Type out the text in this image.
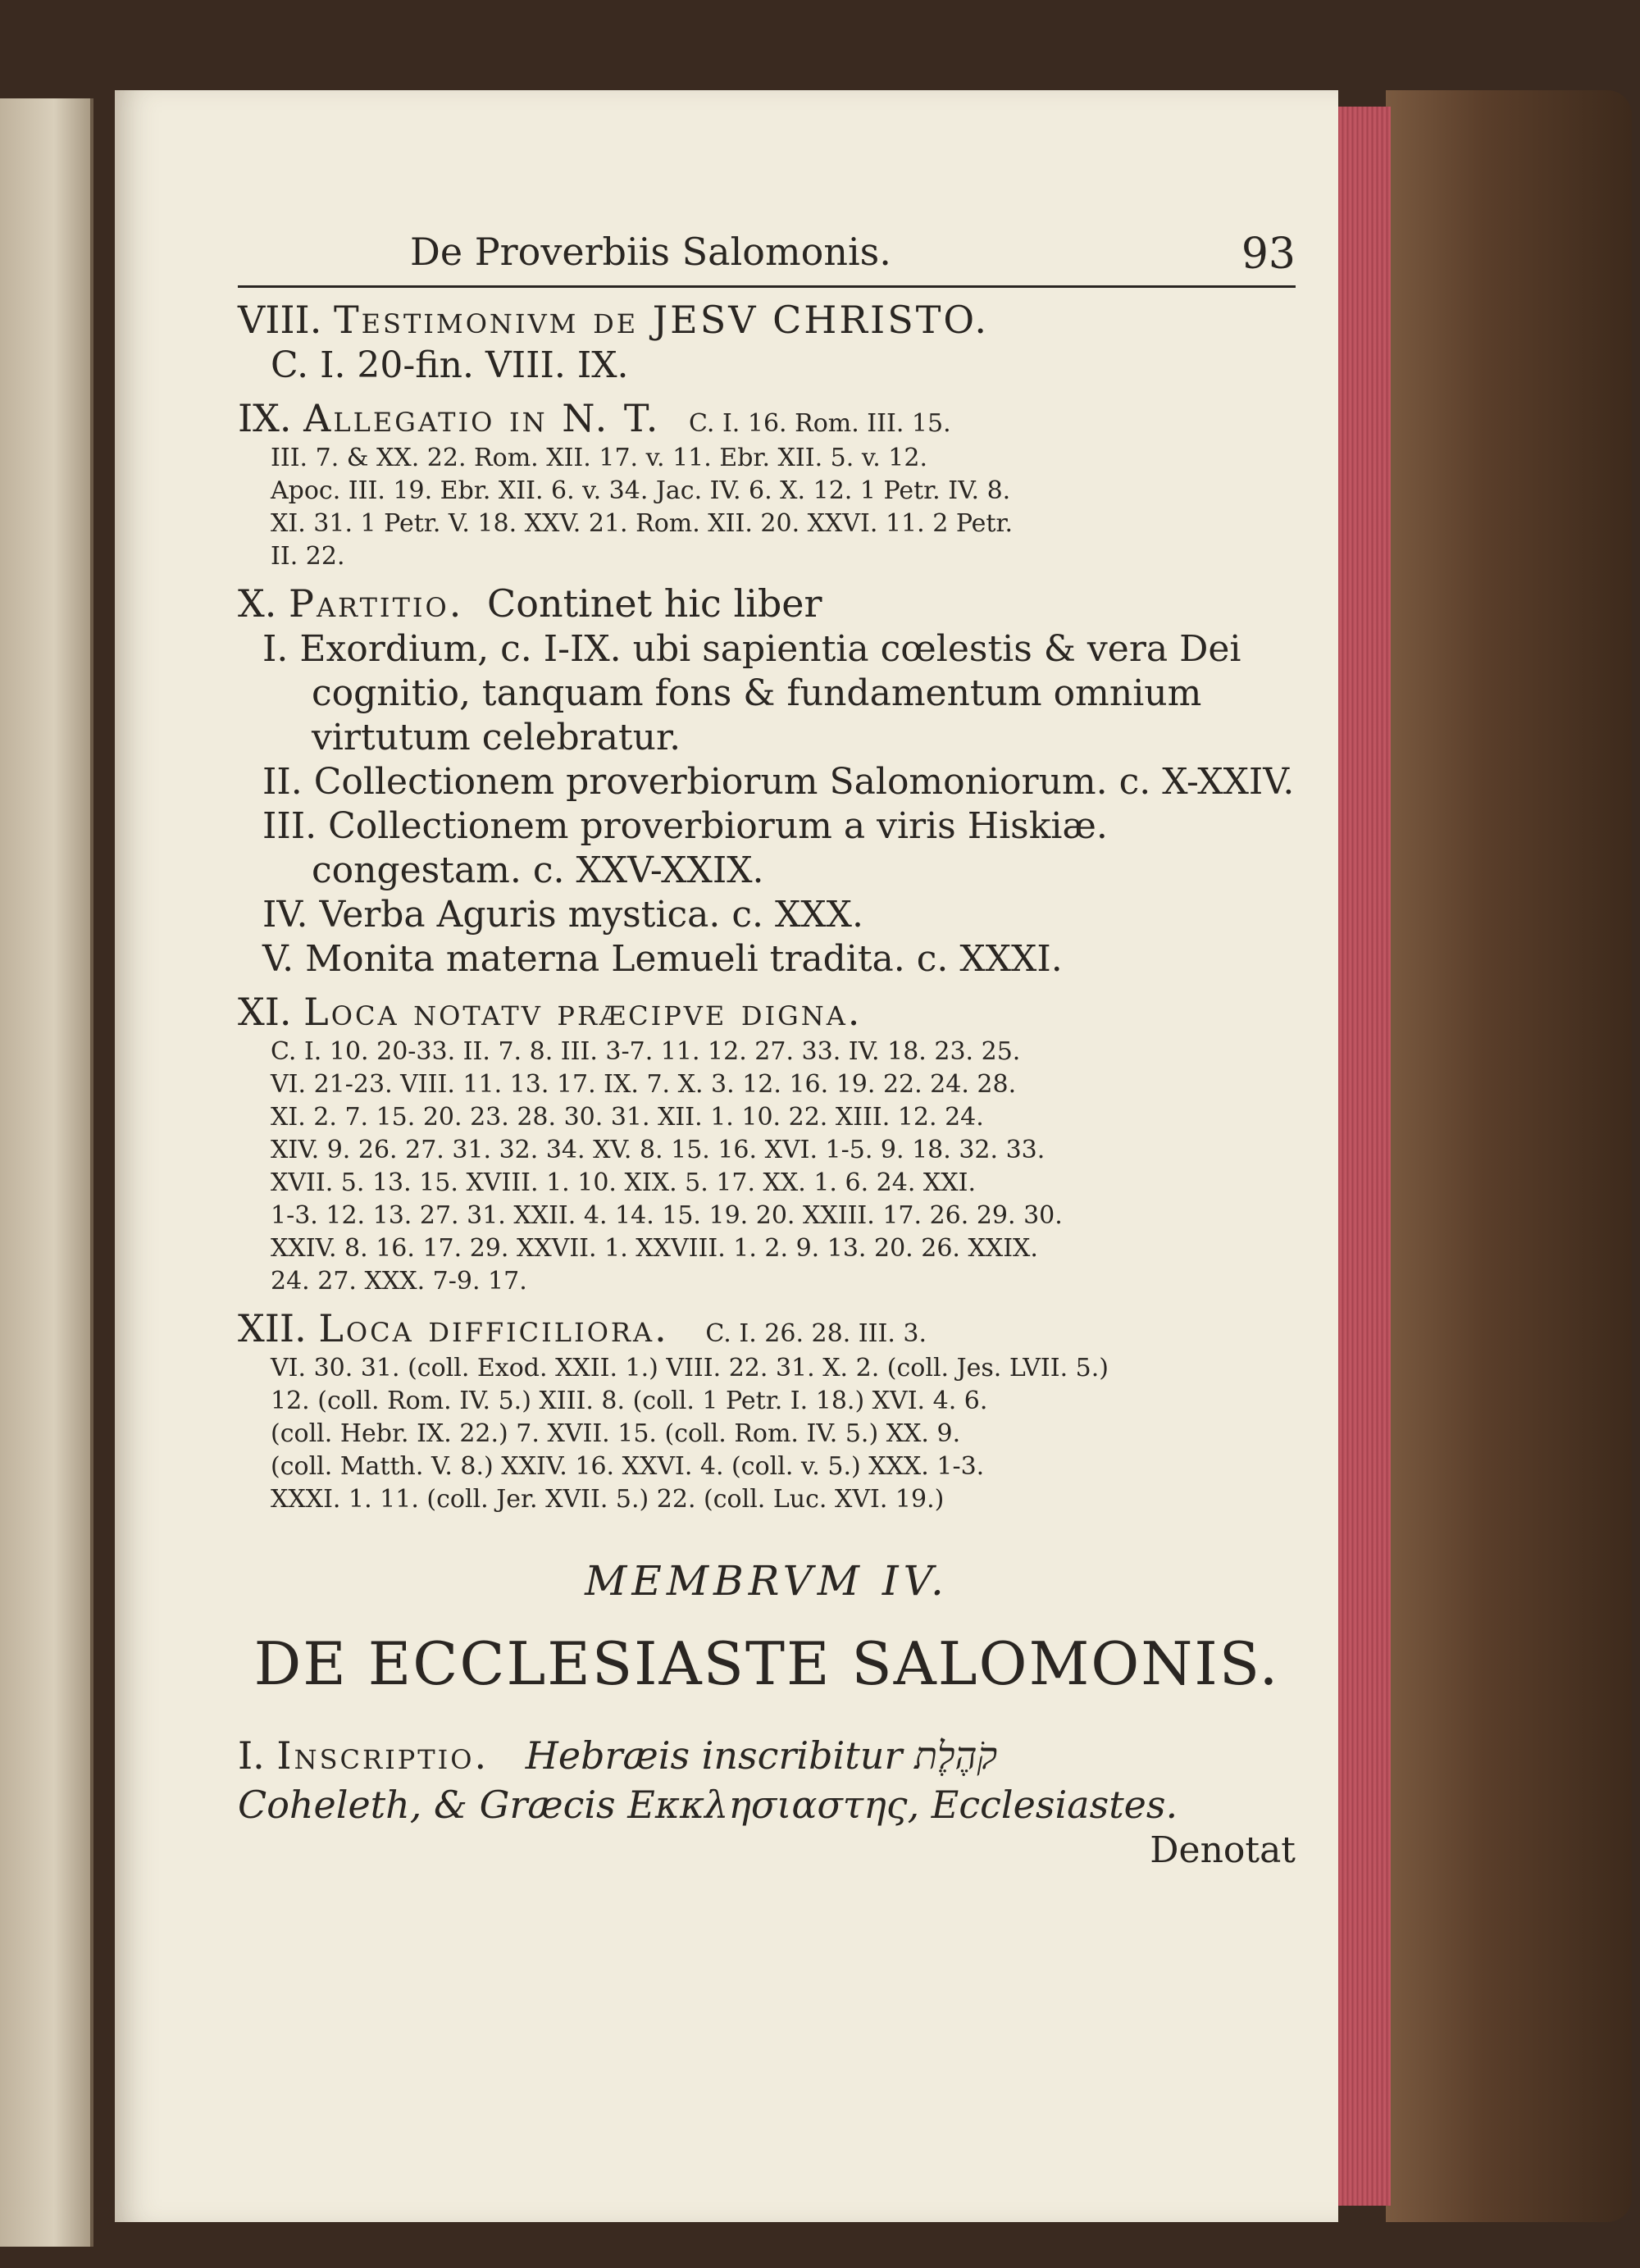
De Proverbiis Salomonis.	93
VIII. Testimonivm de JESV CHRISTO.
C. I. 20-fin. VIII. IX.
IX. Allegatio in N. T. C. I. 16. Rom. III. 15.
III. 7. & XX. 22. Rom. XII. 17. v. 11. Ebr. XII. 5. v. 12.
Apoc. III. 19. Ebr. XII. 6. v. 34. Jac. IV. 6. X. 12. 1 Petr. IV. 8.
XI. 31. 1 Petr. V. 18. XXV. 21. Rom. XII. 20. XXVI. 11. 2 Petr.
II. 22.
X. Partitio. Continet hic liber
I. Exordium, c. I-IX. ubi sapientia cœlestis & vera Dei cognitio, tanquam fons & fundamentum omnium virtutum celebratur.
II. Collectionem proverbiorum Salomoniorum. c. X-XXIV.
III. Collectionem proverbiorum a viris Hiskiæ. congestam. c. XXV-XXIX.
IV. Verba Aguris mystica. c. XXX.
V. Monita materna Lemueli tradita. c. XXXI.
XI. Loca notatv præcipve digna.
C. I. 10. 20-33. II. 7. 8. III. 3-7. 11. 12. 27. 33. IV. 18. 23. 25.
VI. 21-23. VIII. 11. 13. 17. IX. 7. X. 3. 12. 16. 19. 22. 24. 28.
XI. 2. 7. 15. 20. 23. 28. 30. 31. XII. 1. 10. 22. XIII. 12. 24.
XIV. 9. 26. 27. 31. 32. 34. XV. 8. 15. 16. XVI. 1-5. 9. 18. 32. 33.
XVII. 5. 13. 15. XVIII. 1. 10. XIX. 5. 17. XX. 1. 6. 24. XXI.
1-3. 12. 13. 27. 31. XXII. 4. 14. 15. 19. 20. XXIII. 17. 26. 29. 30.
XXIV. 8. 16. 17. 29. XXVII. 1. XXVIII. 1. 2. 9. 13. 20. 26. XXIX.
24. 27. XXX. 7-9. 17.
XII. Loca difficiliora. C. I. 26. 28. III. 3.
VI. 30. 31. (coll. Exod. XXII. 1.) VIII. 22. 31. X. 2. (coll. Jes. LVII. 5.)
12. (coll. Rom. IV. 5.) XIII. 8. (coll. 1 Petr. I. 18.) XVI. 4. 6.
(coll. Hebr. IX. 22.) 7. XVII. 15. (coll. Rom. IV. 5.) XX. 9.
(coll. Matth. V. 8.) XXIV. 16. XXVI. 4. (coll. v. 5.) XXX. 1-3.
XXXI. 1. 11. (coll. Jer. XVII. 5.) 22. (coll. Luc. XVI. 19.)
MEMBRVM IV.
DE ECCLESIASTE SALOMONIS.
I. Inscriptio. Hebræis inscribitur קֹהֶלֶת
Coheleth, & Græcis Εκκλησιαστης, Ecclesiastes.
Denotat
